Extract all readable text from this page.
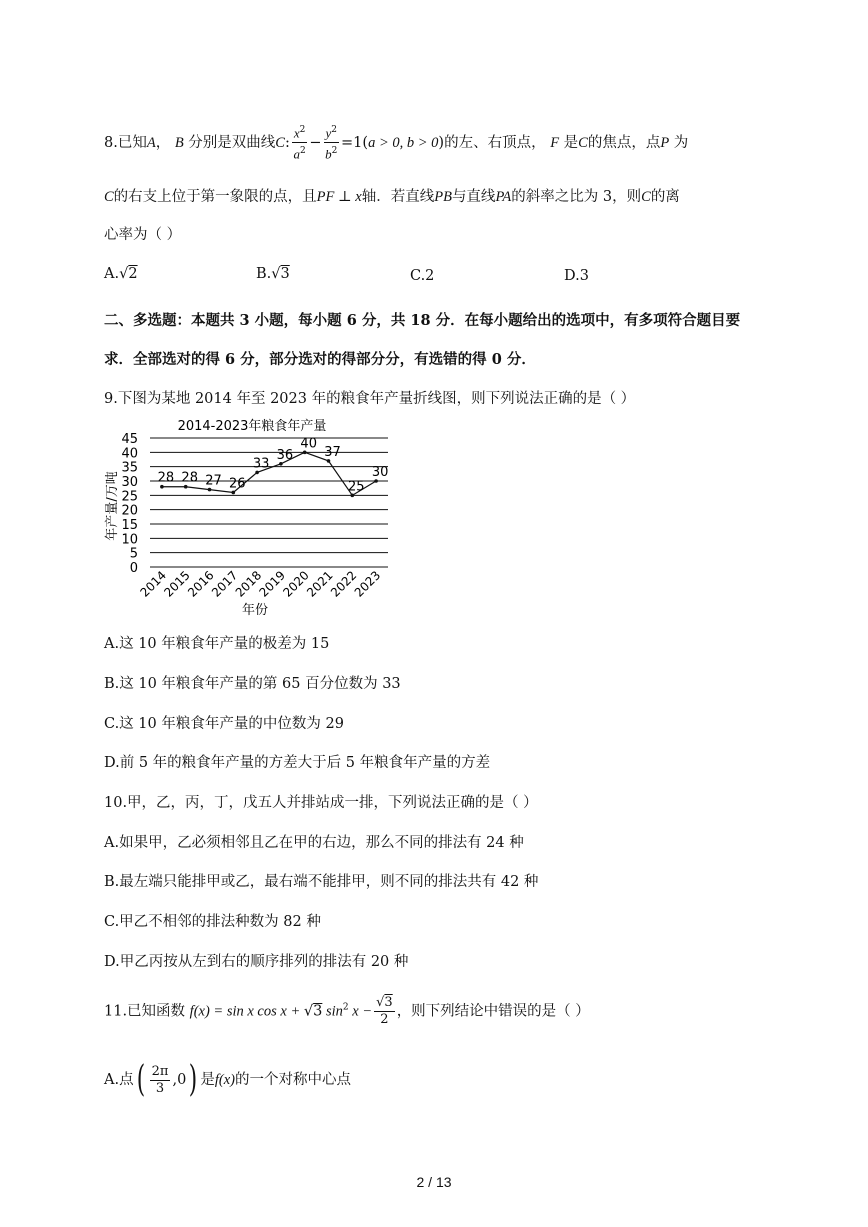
8.已知A， B 分别是双曲线C: $\frac{x^2}{a^2} - \frac{y^2}{b^2} =1(a > 0$, b > 0)的左、右顶点， F 是C的焦点，点P 为
C的右支上位于第一象限的点，且PF ⊥ x轴．若直线PB与直线PA的斜率之比为 3，则C的离
心率为（ ）
A.√2	B.√3	C.2	D.3
二、多选题：本题共 3 小题，每小题 6 分，共 18 分．在每小题给出的选项中，有多项符合题目要
求．全部选对的得 6 分，部分选对的得部分分，有选错的得 0 分．
9.下图为某地 2014 年至 2023 年的粮食年产量折线图，则下列说法正确的是（ ）
2014-2023年粮食年产量
0
5
10
15
20
25
30
35
40
45
2014
2015
2016
2017
2018
2019
2020
2021
2022
2023
28 28 27 26
33
36
40
37
25
30
年产量/万吨
年份
A.这 10 年粮食年产量的极差为 15
B.这 10 年粮食年产量的第 65 百分位数为 33
C.这 10 年粮食年产量的中位数为 29
D.前 5 年的粮食年产量的方差大于后 5 年粮食年产量的方差
10.甲，乙，丙，丁，戊五人并排站成一排，下列说法正确的是（ ）
A.如果甲，乙必须相邻且乙在甲的右边，那么不同的排法有 24 种
B.最左端只能排甲或乙，最右端不能排甲，则不同的排法共有 42 种
C.甲乙不相邻的排法种数为 82 种
D.甲乙丙按从左到右的顺序排列的排法有 20 种
11.已知函数 f(x) = sin x cos x + √3 $\sin^2 x - \frac{√3}{2}$ ，则下列结论中错误的是（ ）
A.点( $\frac{2\pi}{3} ,0$) 是f(x)的一个对称中心点
2 / 13
